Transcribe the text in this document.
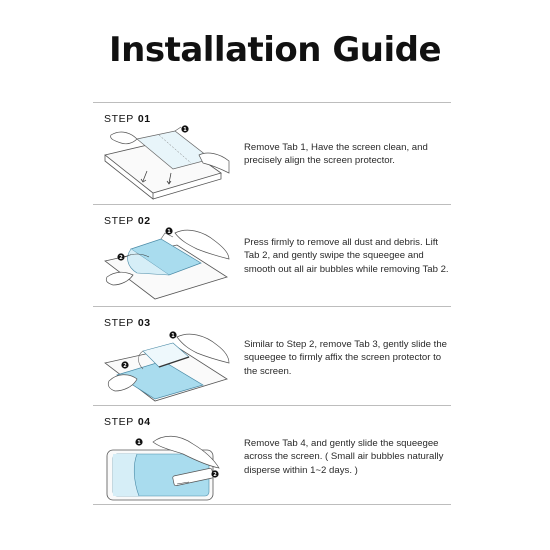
Installation Guide
STEP 01
1
Remove Tab 1, Have the screen clean, and precisely align the screen protector.
STEP 02
2
1
Press firmly to remove all dust and debris. Lift Tab 2, and gently swipe the squeegee and smooth out all air bubbles while removing Tab 2.
STEP 03
2
1
Similar to Step 2, remove Tab 3, gently slide the squeegee to firmly affix the screen protector to the screen.
STEP 04
1
2
Remove Tab 4, and gently slide the squeegee across the screen. ( Small air bubbles naturally disperse within 1~2 days. )
